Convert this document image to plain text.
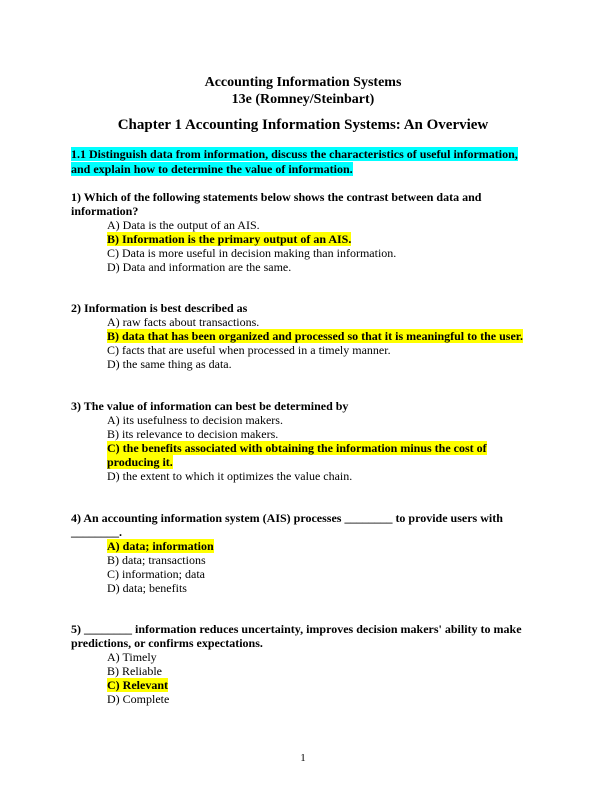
Accounting Information Systems
13e (Romney/Steinbart)
Chapter 1 Accounting Information Systems: An Overview
1.1 Distinguish data from information, discuss the characteristics of useful information,
and explain how to determine the value of information.
1) Which of the following statements below shows the contrast between data and
information?
A) Data is the output of an AIS.
B) Information is the primary output of an AIS.
C) Data is more useful in decision making than information.
D) Data and information are the same.
2) Information is best described as
A) raw facts about transactions.
B) data that has been organized and processed so that it is meaningful to the user.
C) facts that are useful when processed in a timely manner.
D) the same thing as data.
3) The value of information can best be determined by
A) its usefulness to decision makers.
B) its relevance to decision makers.
C) the benefits associated with obtaining the information minus the cost of
producing it.
D) the extent to which it optimizes the value chain.
4) An accounting information system (AIS) processes ________ to provide users with
________.
A) data; information
B) data; transactions
C) information; data
D) data; benefits
5) ________ information reduces uncertainty, improves decision makers' ability to make
predictions, or confirms expectations.
A) Timely
B) Reliable
C) Relevant
D) Complete
1
